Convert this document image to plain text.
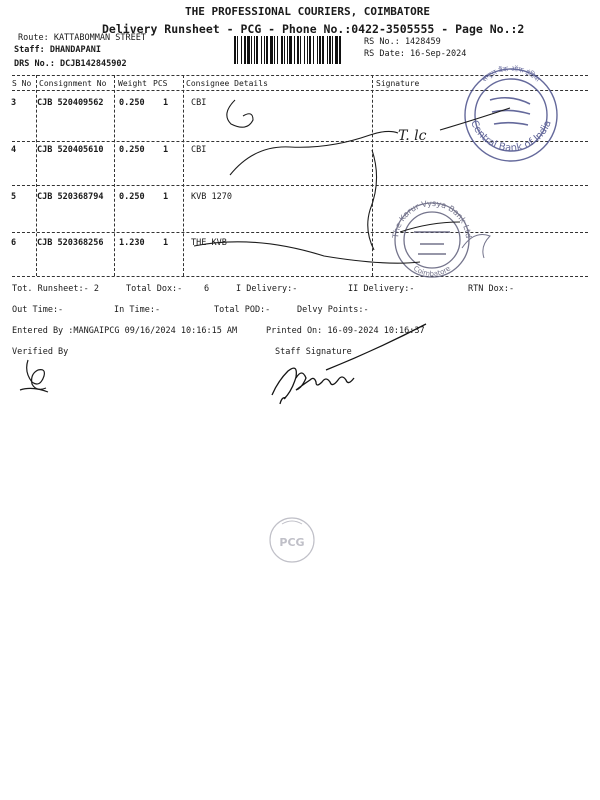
THE PROFESSIONAL COURIERS, COIMBATORE
Delivery Runsheet - PCG - Phone No.:0422-3505555 - Page No.:2
Route: KATTABOMMAN STREET
Staff: DHANDAPANI
DRS No.: DCJB142845902
RS No.: 1428459
RS Date: 16-Sep-2024
S No Consignment No Weight PCS Consignee Details	Signature
3 CJB 520409562 0.250 1	CBI
4 CJB 520405610 0.250 1	CBI
5 CJB 520368794 0.250 1	KVB 1270
6 CJB 520368256 1.230 1	THE KVB
Tot. Runsheet:- 2	Total Dox:-	6	I Delivery:-	II Delivery:-	RTN Dox:-
Out Time:-	In Time:-	Total POD:-	Delvy Points:-
Entered By :MANGAIPCG 09/16/2024 10:16:15 AM	Printed On: 16-09-2024 10:16:37
Verified By	Staff Signature
Central Bank of India
सेन्ट्रल बैंक ऑफ इंडिया
The Karur Vysya Bank Ltd
Coimbatore
PCG
T. lc
